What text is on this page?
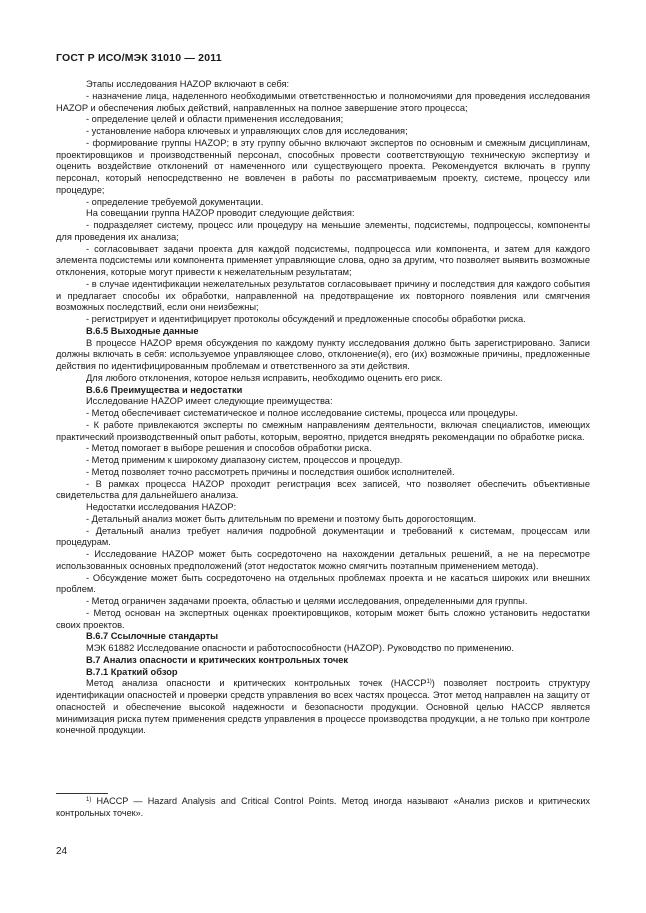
ГОСТ Р ИСО/МЭК 31010 — 2011

Этапы исследования HAZOP включают в себя:

- назначение лица, наделенного необходимыми ответственностью и полномочиями для проведения исследования HAZOP и обеспечения любых действий, направленных на полное завершение этого процесса;

- определение целей и области применения исследования;

- установление набора ключевых и управляющих слов для исследования;

- формирование группы HAZOP; в эту группу обычно включают экспертов по основным и смежным дисциплинам, проектировщиков и производственный персонал, способных провести соответствующую техническую экспертизу и оценить воздействие отклонений от намеченного или существующего проекта. Рекомендуется включать в группу персонал, который непосредственно не вовлечен в работы по рассматриваемым проекту, системе, процессу или процедуре;

- определение требуемой документации.

На совещании группа HAZOP проводит следующие действия:

- подразделяет систему, процесс или процедуру на меньшие элементы, подсистемы, подпроцессы, компоненты для проведения их анализа;

- согласовывает задачи проекта для каждой подсистемы, подпроцесса или компонента, и затем для каждого элемента подсистемы или компонента применяет управляющие слова, одно за другим, что позволяет выявить возможные отклонения, которые могут привести к нежелательным результатам;

- в случае идентификации нежелательных результатов согласовывает причину и последствия для каждого события и предлагает способы их обработки, направленной на предотвращение их повторного появления или смягчения возможных последствий, если они неизбежны;

- регистрирует и идентифицирует протоколы обсуждений и предложенные способы обработки риска.

В.6.5 Выходные данные

В процессе HAZOP время обсуждения по каждому пункту исследования должно быть зарегистрировано. Записи должны включать в себя: используемое управляющее слово, отклонение(я), его (их) возможные причины, предложенные действия по идентифицированным проблемам и ответственного за эти действия.

Для любого отклонения, которое нельзя исправить, необходимо оценить его риск.

В.6.6 Преимущества и недостатки

Исследование HAZOP имеет следующие преимущества:

- Метод обеспечивает систематическое и полное исследование системы, процесса или процедуры.

- К работе привлекаются эксперты по смежным направлениям деятельности, включая специалистов, имеющих практический производственный опыт работы, которым, вероятно, придется внедрять рекомендации по обработке риска.

- Метод помогает в выборе решения и способов обработки риска.

- Метод применим к широкому диапазону систем, процессов и процедур.

- Метод позволяет точно рассмотреть причины и последствия ошибок исполнителей.

- В рамках процесса HAZOP проходит регистрация всех записей, что позволяет обеспечить объективные свидетельства для дальнейшего анализа.

Недостатки исследования HAZOP:

- Детальный анализ может быть длительным по времени и поэтому быть дорогостоящим.

- Детальный анализ требует наличия подробной документации и требований к системам, процессам или процедурам.

- Исследование HAZOP может быть сосредоточено на нахождении детальных решений, а не на пересмотре использованных основных предположений (этот недостаток можно смягчить поэтапным применением метода).

- Обсуждение может быть сосредоточено на отдельных проблемах проекта и не касаться широких или внешних проблем.

- Метод ограничен задачами проекта, областью и целями исследования, определенными для группы.

- Метод основан на экспертных оценках проектировщиков, которым может быть сложно установить недостатки своих проектов.

В.6.7 Ссылочные стандарты

МЭК 61882 Исследование опасности и работоспособности (HAZOP). Руководство по применению.

В.7 Анализ опасности и критических контрольных точек

В.7.1 Краткий обзор

Метод анализа опасности и критических контрольных точек (HACCP$^{1)}$) позволяет построить структуру идентификации опасностей и проверки средств управления во всех частях процесса. Этот метод направлен на защиту от опасностей и обеспечение высокой надежности и безопасности продукции. Основной целью HACCP является минимизация риска путем применения средств управления в процессе производства продукции, а не только при контроле конечной продукции.

$^{1)}$ HACCP — Hazard Analysis and Critical Control Points. Метод иногда называют «Анализ рисков и критических контрольных точек».
24
